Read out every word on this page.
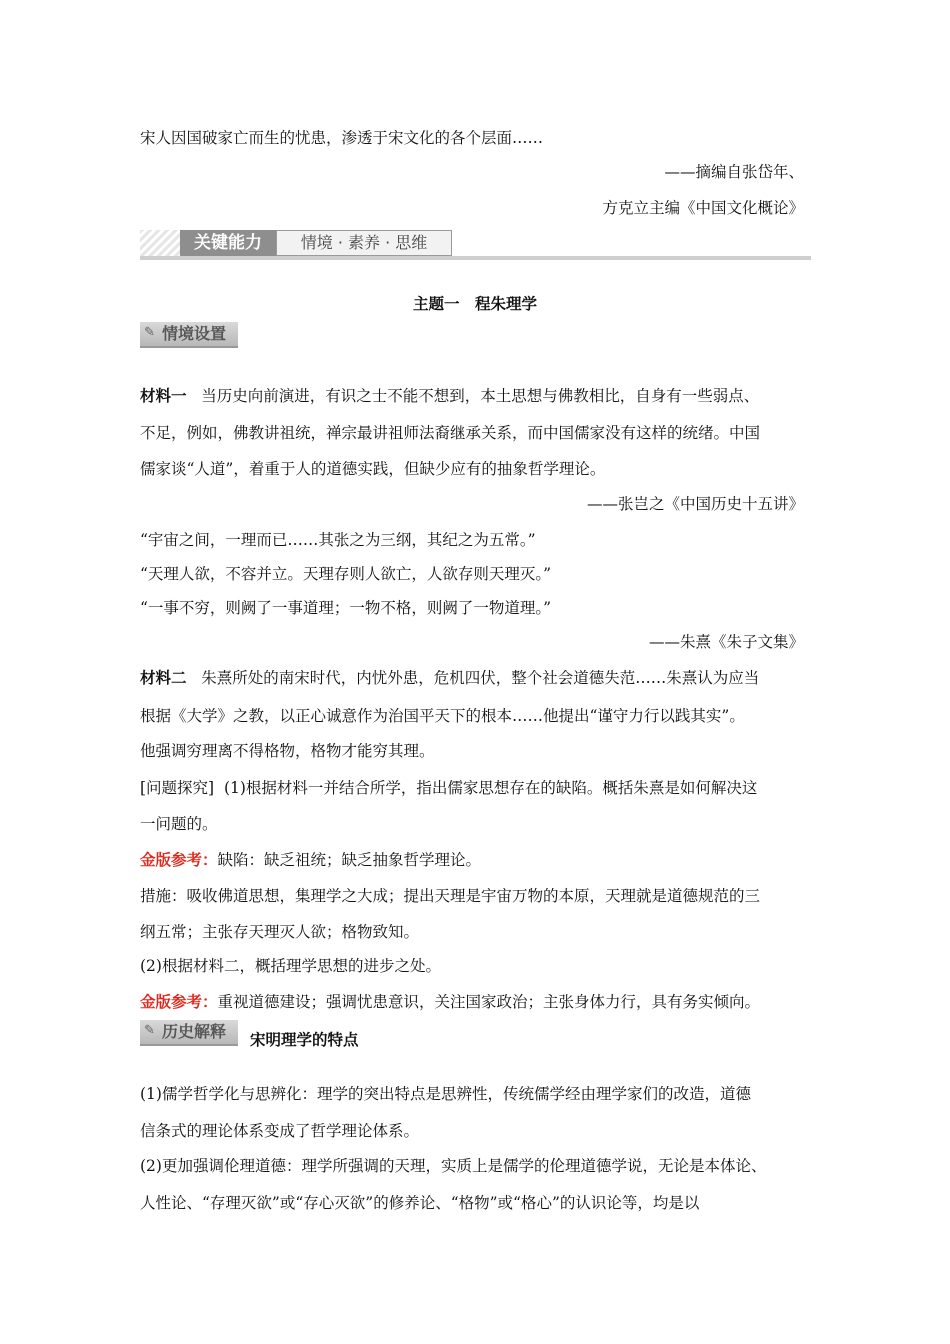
宋人因国破家亡而生的忧患，渗透于宋文化的各个层面……
——摘编自张岱年、
方克立主编《中国文化概论》
关键能力	情境 · 素养 · 思维
主题一　程朱理学
情境设置
✎
材料一 当历史向前演进，有识之士不能不想到，本土思想与佛教相比，自身有一些弱点、
不足，例如，佛教讲祖统，禅宗最讲祖师法裔继承关系，而中国儒家没有这样的统绪。中国
儒家谈“人道”，着重于人的道德实践，但缺少应有的抽象哲学理论。
——张岂之《中国历史十五讲》
“宇宙之间，一理而已……其张之为三纲，其纪之为五常。”
“天理人欲，不容并立。天理存则人欲亡，人欲存则天理灭。”
“一事不穷，则阙了一事道理；一物不格，则阙了一物道理。”
——朱熹《朱子文集》
材料二 朱熹所处的南宋时代，内忧外患，危机四伏，整个社会道德失范……朱熹认为应当
根据《大学》之教，以正心诚意作为治国平天下的根本……他提出“谨守力行以践其实”。
他强调穷理离不得格物，格物才能穷其理。
[问题探究] (1)根据材料一并结合所学，指出儒家思想存在的缺陷。概括朱熹是如何解决这
一问题的。
金版参考：缺陷：缺乏祖统；缺乏抽象哲学理论。
措施：吸收佛道思想，集理学之大成；提出天理是宇宙万物的本原，天理就是道德规范的三
纲五常；主张存天理灭人欲；格物致知。
(2)根据材料二，概括理学思想的进步之处。
金版参考：重视道德建设；强调忧患意识，关注国家政治；主张身体力行，具有务实倾向。
历史解释
✎
宋明理学的特点
(1)儒学哲学化与思辨化：理学的突出特点是思辨性，传统儒学经由理学家们的改造，道德
信条式的理论体系变成了哲学理论体系。
(2)更加强调伦理道德：理学所强调的天理，实质上是儒学的伦理道德学说，无论是本体论、
人性论、“存理灭欲”或“存心灭欲”的修养论、“格物”或“格心”的认识论等，均是以
